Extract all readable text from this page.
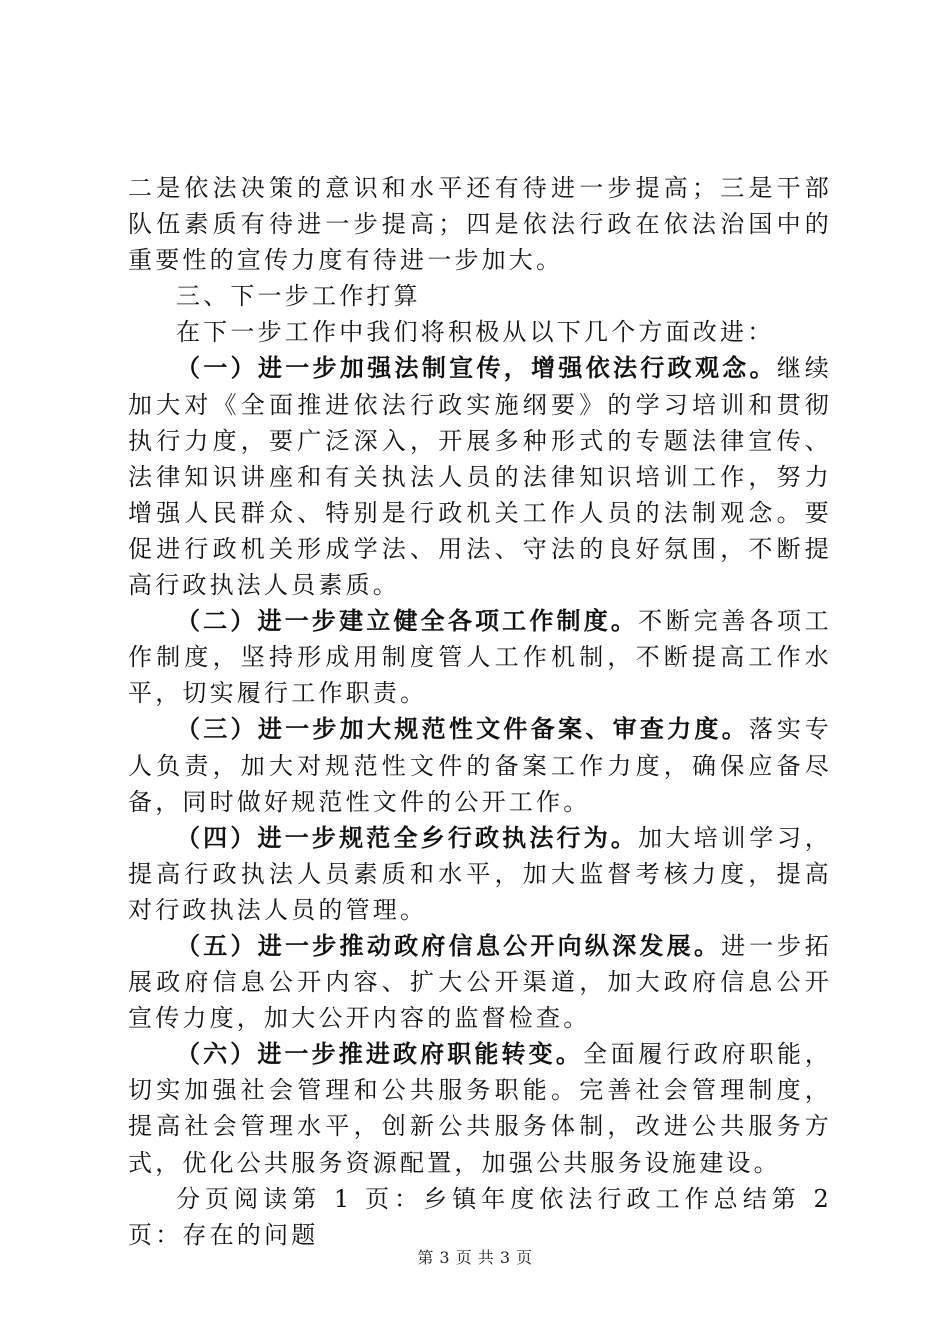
二是依法决策的意识和水平还有待进一步提高；三是干部队伍素质有待进一步提高；四是依法行政在依法治国中的重要性的宣传力度有待进一步加大。

三、下一步工作打算

在下一步工作中我们将积极从以下几个方面改进：

（一）进一步加强法制宣传，增强依法行政观念。继续加大对《全面推进依法行政实施纲要》的学习培训和贯彻执行力度，要广泛深入，开展多种形式的专题法律宣传、法律知识讲座和有关执法人员的法律知识培训工作，努力增强人民群众、特别是行政机关工作人员的法制观念。要促进行政机关形成学法、用法、守法的良好氛围，不断提高行政执法人员素质。

（二）进一步建立健全各项工作制度。不断完善各项工作制度，坚持形成用制度管人工作机制，不断提高工作水平，切实履行工作职责。

（三）进一步加大规范性文件备案、审查力度。落实专人负责，加大对规范性文件的备案工作力度，确保应备尽备，同时做好规范性文件的公开工作。

（四）进一步规范全乡行政执法行为。加大培训学习，提高行政执法人员素质和水平，加大监督考核力度，提高对行政执法人员的管理。

（五）进一步推动政府信息公开向纵深发展。进一步拓展政府信息公开内容、扩大公开渠道，加大政府信息公开宣传力度，加大公开内容的监督检查。

（六）进一步推进政府职能转变。全面履行政府职能，切实加强社会管理和公共服务职能。完善社会管理制度，提高社会管理水平，创新公共服务体制，改进公共服务方式，优化公共服务资源配置，加强公共服务设施建设。

分页阅读第 1 页：乡镇年度依法行政工作总结第 2 页：存在的问题

第 3 页 共 3 页
